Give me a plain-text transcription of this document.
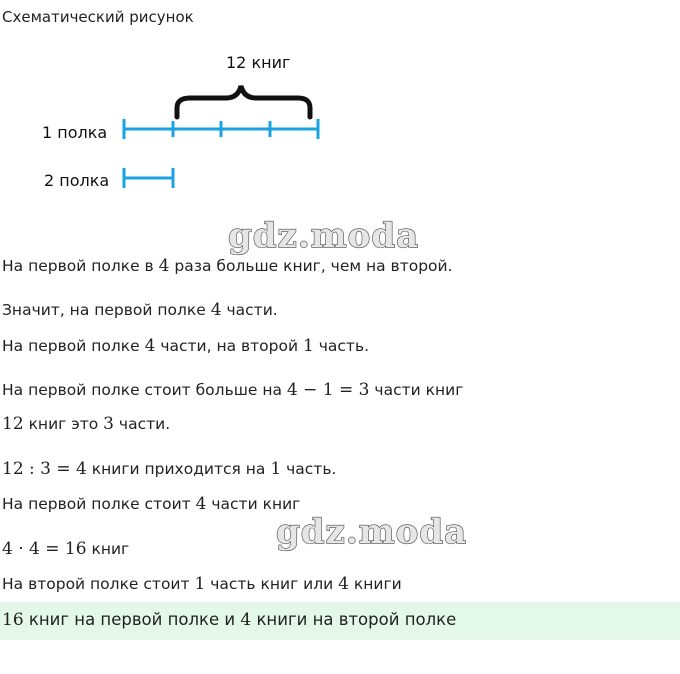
Схематический рисунок
12 книг
1 полка
2 полка
gdz.moda
На первой полке в 4 раза больше книг, чем на второй.
Значит, на первой полке 4 части.
На первой полке 4 части, на второй 1 часть.
На первой полке стоит больше на 4 − 1 = 3 части книг
12 книг это 3 части.
12 : 3 = 4 книги приходится на 1 часть.
На первой полке стоит 4 части книг
gdz.moda
4 · 4 = 16 книг
На второй полке стоит 1 часть книг или 4 книги
16 книг на первой полке и 4 книги на второй полке
